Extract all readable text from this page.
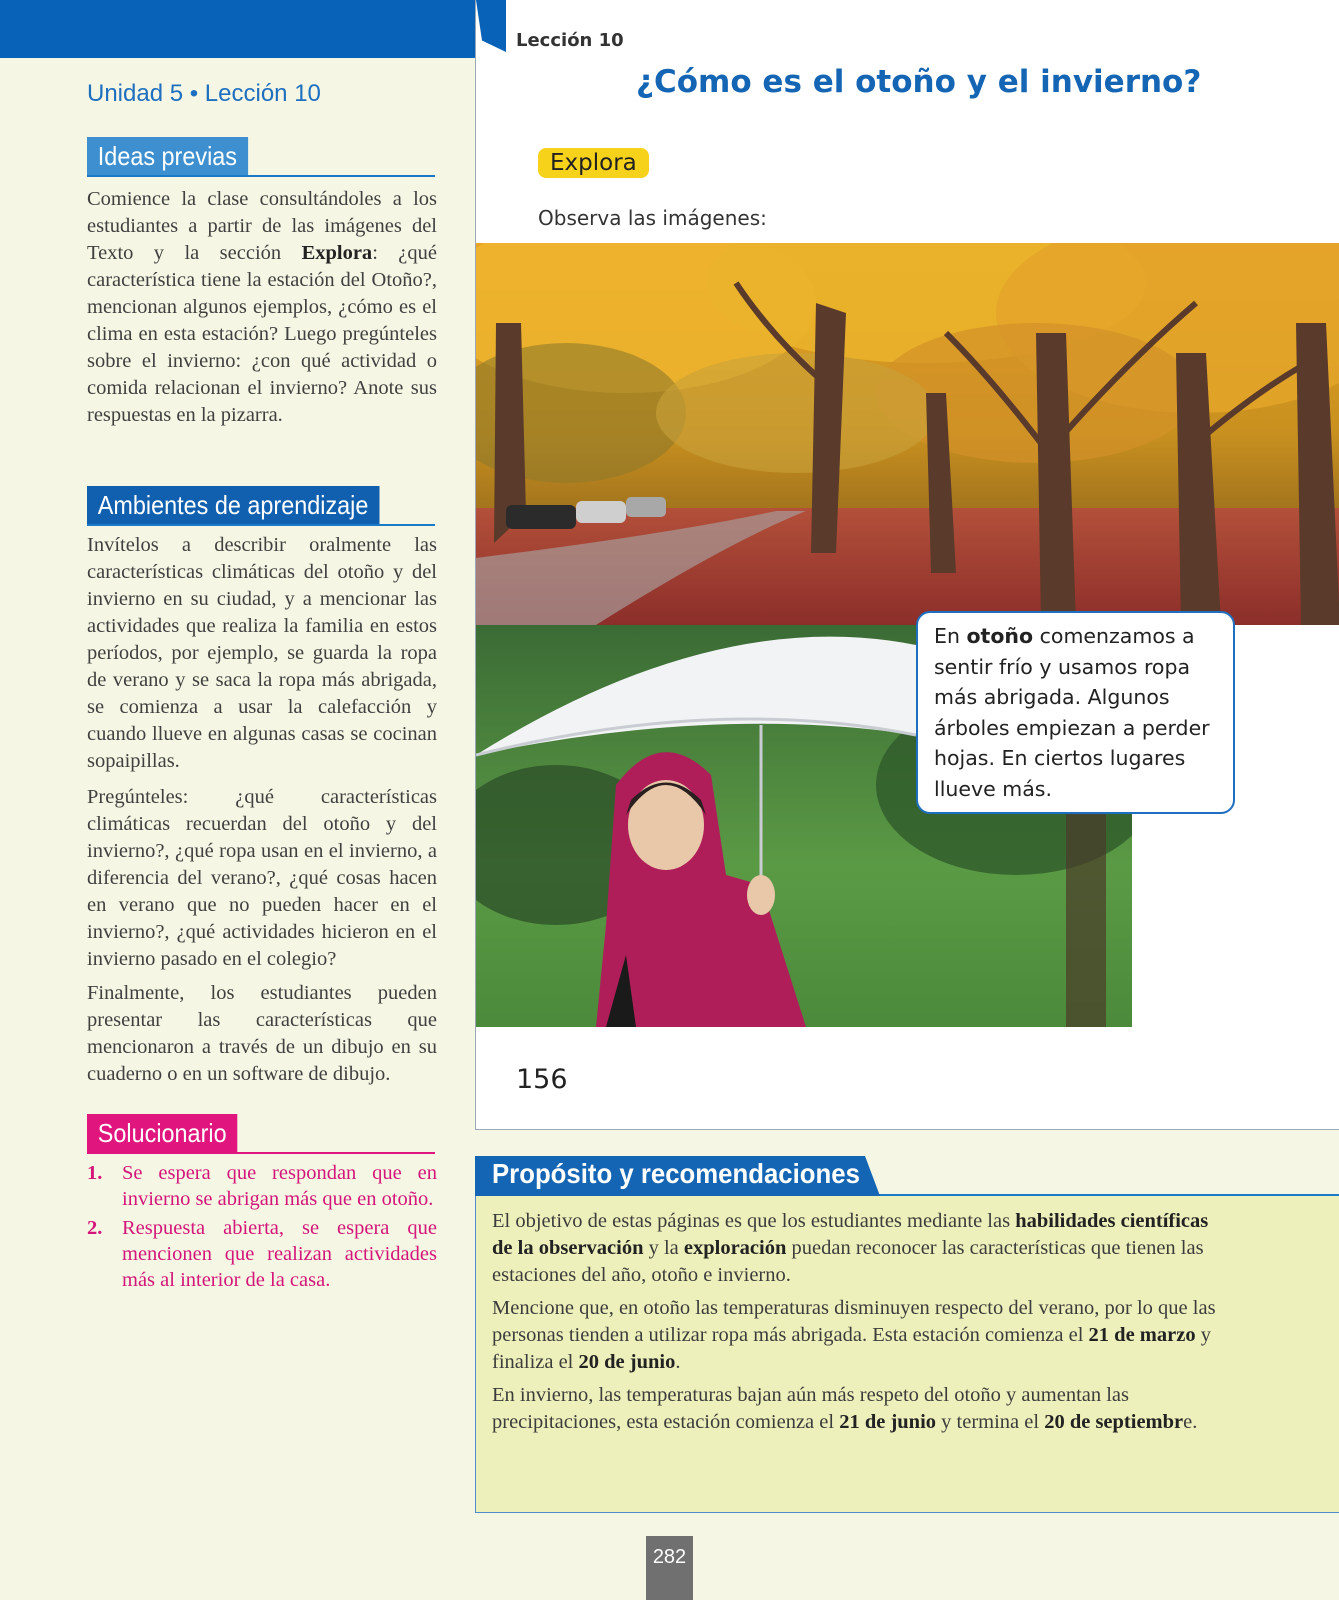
Unidad 5 • Lección 10
Ideas previas

Comience la clase consultándoles a los estudiantes a partir de las imágenes del Texto y la sección Explora: ¿qué característica tiene la estación del Otoño?, mencionan algunos ejemplos, ¿cómo es el clima en esta estación? Luego pregúnteles sobre el invierno: ¿con qué actividad o comida relacionan el invierno? Anote sus respuestas en la pizarra.

Ambientes de aprendizaje

Invítelos a describir oralmente las características climáticas del otoño y del invierno en su ciudad, y a mencionar las actividades que realiza la familia en estos períodos, por ejemplo, se guarda la ropa de verano y se saca la ropa más abrigada, se comienza a usar la calefacción y cuando llueve en algunas casas se cocinan sopaipillas.

Pregúnteles: ¿qué características climáticas recuerdan del otoño y del invierno?, ¿qué ropa usan en el invierno, a diferencia del verano?, ¿qué cosas hacen en verano que no pueden hacer en el invierno?, ¿qué actividades hicieron en el invierno pasado en el colegio?

Finalmente, los estudiantes pueden presentar las características que mencionaron a través de un dibujo en su cuaderno o en un software de dibujo.

Solucionario
1. Se espera que respondan que en invierno se abrigan más que en otoño.
2. Respuesta abierta, se espera que mencionen que realizan actividades más al interior de la casa.
Lección 10
¿Cómo es el otoño y el invierno?
Explora
Observa las imágenes:
En otoño comenzamos a sentir frío y usamos ropa más abrigada. Algunos árboles empiezan a perder hojas. En ciertos lugares llueve más.
156
Propósito y recomendaciones

El objetivo de estas páginas es que los estudiantes mediante las habilidades científicas de la observación y la exploración puedan reconocer las características que tienen las estaciones del año, otoño e invierno.

Mencione que, en otoño las temperaturas disminuyen respecto del verano, por lo que las personas tienden a utilizar ropa más abrigada. Esta estación comienza el 21 de marzo y finaliza el 20 de junio.

En invierno, las temperaturas bajan aún más respeto del otoño y aumentan las precipitaciones, esta estación comienza el 21 de junio y termina el 20 de septiembre.

282
